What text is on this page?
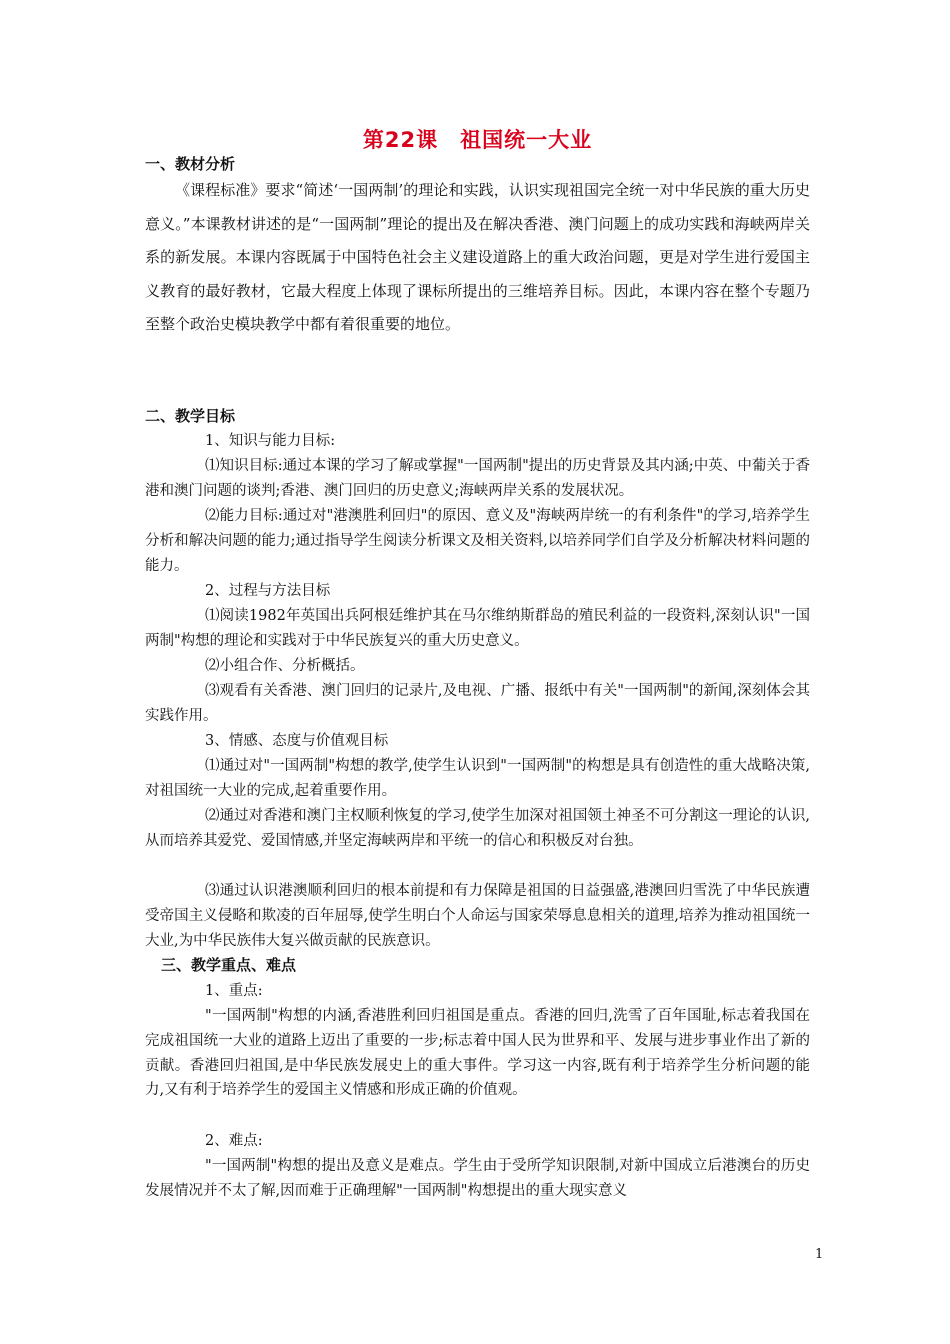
第22课　祖国统一大业
一、教材分析

《课程标准》要求“简述‘一国两制’的理论和实践，认识实现祖国完全统一对中华民族的重大历史意义。”本课教材讲述的是“一国两制”理论的提出及在解决香港、澳门问题上的成功实践和海峡两岸关系的新发展。本课内容既属于中国特色社会主义建设道路上的重大政治问题，更是对学生进行爱国主义教育的最好教材，它最大程度上体现了课标所提出的三维培养目标。因此，本课内容在整个专题乃至整个政治史模块教学中都有着很重要的地位。

二、教学目标

1、知识与能力目标:

⑴知识目标:通过本课的学习了解或掌握"一国两制"提出的历史背景及其内涵;中英、中葡关于香港和澳门问题的谈判;香港、澳门回归的历史意义;海峡两岸关系的发展状况。

⑵能力目标:通过对"港澳胜利回归"的原因、意义及"海峡两岸统一的有利条件"的学习,培养学生分析和解决问题的能力;通过指导学生阅读分析课文及相关资料,以培养同学们自学及分析解决材料问题的能力。

2、过程与方法目标

⑴阅读1982年英国出兵阿根廷维护其在马尔维纳斯群岛的殖民利益的一段资料,深刻认识"一国两制"构想的理论和实践对于中华民族复兴的重大历史意义。

⑵小组合作、分析概括。

⑶观看有关香港、澳门回归的记录片,及电视、广播、报纸中有关"一国两制"的新闻,深刻体会其实践作用。

3、情感、态度与价值观目标

⑴通过对"一国两制"构想的教学,使学生认识到"一国两制"的构想是具有创造性的重大战略决策,对祖国统一大业的完成,起着重要作用。

⑵通过对香港和澳门主权顺利恢复的学习,使学生加深对祖国领土神圣不可分割这一理论的认识,从而培养其爱党、爱国情感,并坚定海峡两岸和平统一的信心和积极反对台独。

⑶通过认识港澳顺利回归的根本前提和有力保障是祖国的日益强盛,港澳回归雪洗了中华民族遭受帝国主义侵略和欺凌的百年屈辱,使学生明白个人命运与国家荣辱息息相关的道理,培养为推动祖国统一大业,为中华民族伟大复兴做贡献的民族意识。

三、教学重点、难点

1、重点:

"一国两制"构想的内涵,香港胜利回归祖国是重点。香港的回归,洗雪了百年国耻,标志着我国在完成祖国统一大业的道路上迈出了重要的一步;标志着中国人民为世界和平、发展与进步事业作出了新的贡献。香港回归祖国,是中华民族发展史上的重大事件。学习这一内容,既有利于培养学生分析问题的能力,又有利于培养学生的爱国主义情感和形成正确的价值观。

2、难点:

"一国两制"构想的提出及意义是难点。学生由于受所学知识限制,对新中国成立后港澳台的历史发展情况并不太了解,因而难于正确理解"一国两制"构想提出的重大现实意义

1
